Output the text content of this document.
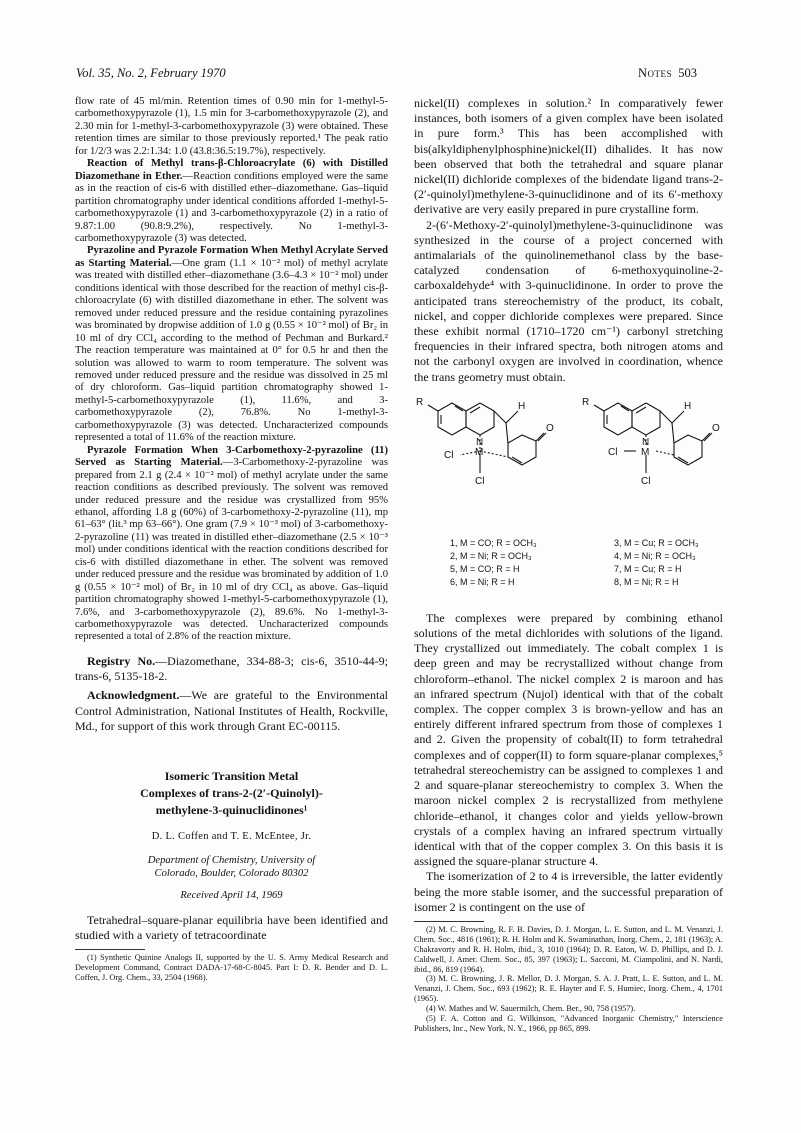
Vol. 35, No. 2, February 1970	Notes 503

flow rate of 45 ml/min. Retention times of 0.90 min for 1-methyl-5-carbomethoxypyrazole (1), 1.5 min for 3-carbomethoxypyrazole (2), and 2.30 min for 1-methyl-3-carbomethoxypyrazole (3) were obtained. These retention times are similar to those previously reported.¹ The peak ratio for 1/2/3 was 2.2:1.34: 1.0 (43.8:36.5:19.7%), respectively.

Reaction of Methyl trans-β-Chloroacrylate (6) with Distilled Diazomethane in Ether.—Reaction conditions employed were the same as in the reaction of cis-6 with distilled ether–diazomethane. Gas–liquid partition chromatography under identical conditions afforded 1-methyl-5-carbomethoxypyrazole (1) and 3-carbomethoxypyrazole (2) in a ratio of 9.87:1.00 (90.8:9.2%), respectively. No 1-methyl-3-carbomethoxypyrazole (3) was detected.

Pyrazoline and Pyrazole Formation When Methyl Acrylate Served as Starting Material.—One gram (1.1 × 10⁻² mol) of methyl acrylate was treated with distilled ether–diazomethane (3.6–4.3 × 10⁻² mol) under conditions identical with those described for the reaction of methyl cis-β-chloroacrylate (6) with distilled diazomethane in ether. The solvent was removed under reduced pressure and the residue containing pyrazolines was brominated by dropwise addition of 1.0 g (0.55 × 10⁻² mol) of Br₂ in 10 ml of dry CCl₄ according to the method of Pechman and Burkard.² The reaction temperature was maintained at 0° for 0.5 hr and then the solution was allowed to warm to room temperature. The solvent was removed under reduced pressure and the residue was dissolved in 25 ml of dry chloroform. Gas–liquid partition chromatography showed 1-methyl-5-carbomethoxypyrazole (1), 11.6%, and 3-carbomethoxypyrazole (2), 76.8%. No 1-methyl-3-carbomethoxypyrazole (3) was detected. Uncharacterized compounds represented a total of 11.6% of the reaction mixture.

Pyrazole Formation When 3-Carbomethoxy-2-pyrazoline (11) Served as Starting Material.—3-Carbomethoxy-2-pyrazoline was prepared from 2.1 g (2.4 × 10⁻² mol) of methyl acrylate under the same reaction conditions as described previously. The solvent was removed under reduced pressure and the residue was crystallized from 95% ethanol, affording 1.8 g (60%) of 3-carbomethoxy-2-pyrazoline (11), mp 61–63° (lit.³ mp 63–66°). One gram (7.9 × 10⁻³ mol) of 3-carbomethoxy-2-pyrazoline (11) was treated in distilled ether–diazomethane (2.5 × 10⁻³ mol) under conditions identical with the reaction conditions described for cis-6 with distilled diazomethane in ether. The solvent was removed under reduced pressure and the residue was brominated by addition of 1.0 g (0.55 × 10⁻² mol) of Br₂ in 10 ml of dry CCl₄ as above. Gas–liquid partition chromatography showed 1-methyl-5-carbomethoxypyrazole (1), 7.6%, and 3-carbomethoxypyrazole (2), 89.6%. No 1-methyl-3-carbomethoxypyrazole was detected. Uncharacterized compounds represented a total of 2.8% of the reaction mixture.

Registry No.—Diazomethane, 334-88-3; cis-6, 3510-44-9; trans-6, 5135-18-2.

Acknowledgment.—We are grateful to the Environmental Control Administration, National Institutes of Health, Rockville, Md., for support of this work through Grant EC-00115.

Isomeric Transition Metal
Complexes of trans-2-(2′-Quinolyl)-
methylene-3-quinuclidinones¹
D. L. Coffen and T. E. McEntee, Jr.
Department of Chemistry, University of
Colorado, Boulder, Colorado 80302
Received April 14, 1969

Tetrahedral–square-planar equilibria have been identified and studied with a variety of tetracoordinate

(1) Synthetic Quinine Analogs II, supported by the U. S. Army Medical Research and Development Command, Contract DADA-17-68-C-8045. Part I: D. R. Bender and D. L. Coffen, J. Org. Chem., 33, 2504 (1968).

nickel(II) complexes in solution.² In comparatively fewer instances, both isomers of a given complex have been isolated in pure form.³ This has been accomplished with bis(alkyldiphenylphosphine)nickel(II) dihalides. It has now been observed that both the tetrahedral and square planar nickel(II) dichloride complexes of the bidendate ligand trans-2-(2′-quinolyl)methylene-3-quinuclidinone and of its 6′-methoxy derivative are very easily prepared in pure crystalline form.

2-(6′-Methoxy-2′-quinolyl)methylene-3-quinuclidinone was synthesized in the course of a project concerned with antimalarials of the quinolinemethanol class by the base-catalyzed condensation of 6-methoxyquinoline-2-carboxaldehyde⁴ with 3-quinuclidinone. In order to prove the anticipated trans stereochemistry of the product, its cobalt, nickel, and copper dichloride complexes were prepared. Since these exhibit normal (1710–1720 cm⁻¹) carbonyl stretching frequencies in their infrared spectra, both nitrogen atoms and not the carbonyl oxygen are involved in coordination, whence the trans geometry must obtain.

R	H
O
N
M
Cl
Cl
R	H
O
N
M
Cl
Cl
1, M = CO; R = OCH₃
2, M = Ni; R = OCH₃
5, M = CO; R = H
6, M = Ni; R = H
3, M = Cu; R = OCH₃
4, M = Ni; R = OCH₃
7, M = Cu; R = H
8, M = Ni; R = H

The complexes were prepared by combining ethanol solutions of the metal dichlorides with solutions of the ligand. They crystallized out immediately. The cobalt complex 1 is deep green and may be recrystallized without change from chloroform–ethanol. The nickel complex 2 is maroon and has an infrared spectrum (Nujol) identical with that of the cobalt complex. The copper complex 3 is brown-yellow and has an entirely different infrared spectrum from those of complexes 1 and 2. Given the propensity of cobalt(II) to form tetrahedral complexes and of copper(II) to form square-planar complexes,⁵ tetrahedral stereochemistry can be assigned to complexes 1 and 2 and square-planar stereochemistry to complex 3. When the maroon nickel complex 2 is recrystallized from methylene chloride–ethanol, it changes color and yields yellow-brown crystals of a complex having an infrared spectrum virtually identical with that of the copper complex 3. On this basis it is assigned the square-planar structure 4.

The isomerization of 2 to 4 is irreversible, the latter evidently being the more stable isomer, and the successful preparation of isomer 2 is contingent on the use of

(2) M. C. Browning, R. F. B. Davies, D. J. Morgan, L. E. Sutton, and L. M. Venanzi, J. Chem. Soc., 4816 (1961); R. H. Holm and K. Swaminathan, Inorg. Chem., 2, 181 (1963); A. Chakravorty and R. H. Holm, ibid., 3, 1010 (1964); D. R. Eaton, W. D. Phillips, and D. J. Caldwell, J. Amer. Chem. Soc., 85, 397 (1963); L. Sacconi, M. Ciampolini, and N. Nardi, ibid., 86, 819 (1964).

(3) M. C. Browning, J. R. Mellor, D. J. Morgan, S. A. J. Pratt, L. E. Sutton, and L. M. Venanzi, J. Chem. Soc., 693 (1962); R. E. Hayter and F. S. Humiec, Inorg. Chem., 4, 1701 (1965).

(4) W. Mathes and W. Sauermilch, Chem. Ber., 90, 758 (1957).

(5) F. A. Cotton and G. Wilkinson, "Advanced Inorganic Chemistry," Interscience Publishers, Inc., New York, N. Y., 1966, pp 865, 899.
